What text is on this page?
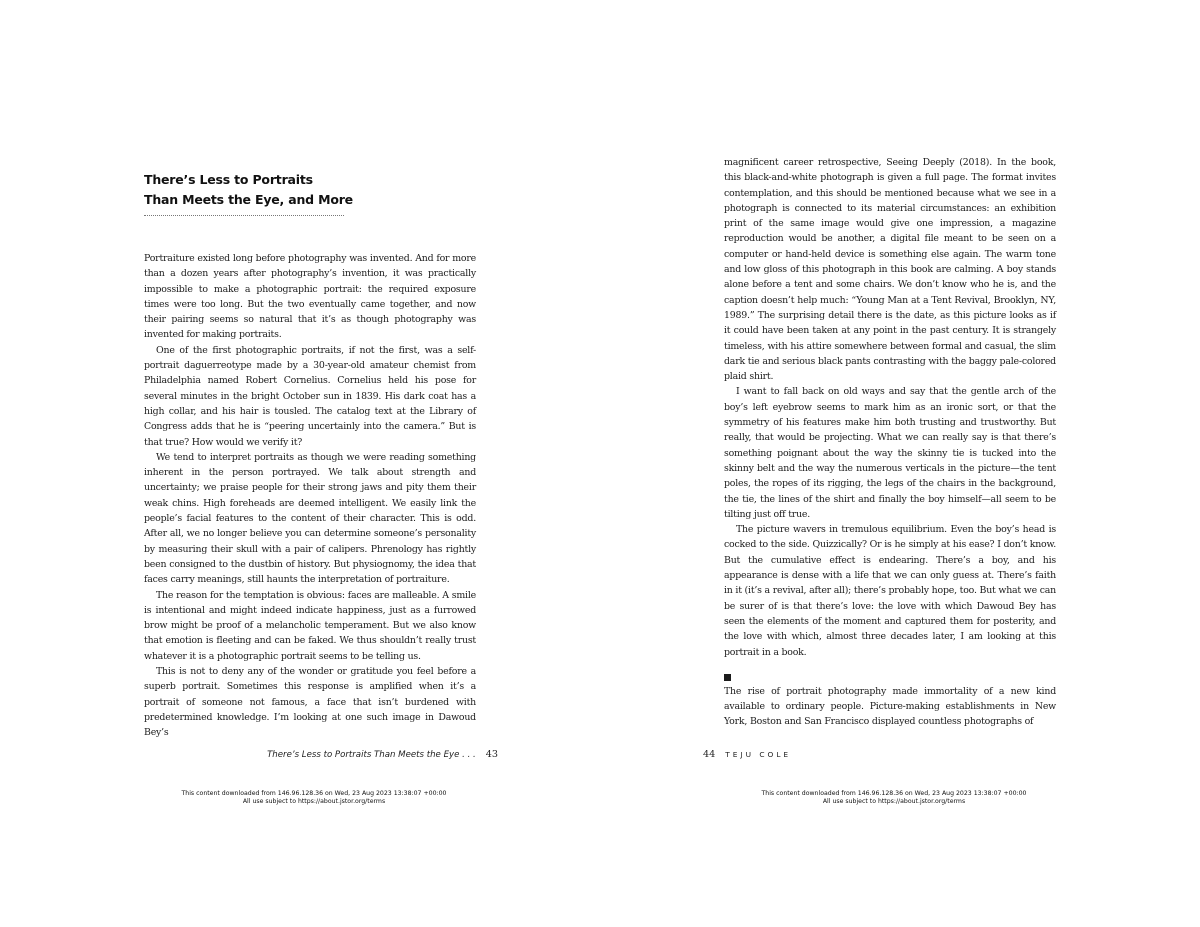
There’s Less to Portraits
Than Meets the Eye, and More

Portraiture existed long before photography was invented. And for more than a dozen years after photography’s invention, it was practically impossible to make a photographic portrait: the required exposure times were too long. But the two eventually came together, and now their pairing seems so natural that it’s as though photography was invented for making portraits.

One of the first photographic portraits, if not the first, was a self-portrait daguerreotype made by a 30-year-old amateur chemist from Philadelphia named Robert Cornelius. Cornelius held his pose for several minutes in the bright October sun in 1839. His dark coat has a high collar, and his hair is tousled. The catalog text at the Library of Congress adds that he is “peering uncertainly into the camera.” But is that true? How would we verify it?

We tend to interpret portraits as though we were reading something inherent in the person portrayed. We talk about strength and uncertainty; we praise people for their strong jaws and pity them their weak chins. High foreheads are deemed intelligent. We easily link the people’s facial features to the content of their character. This is odd. After all, we no longer believe you can determine someone’s personality by measuring their skull with a pair of calipers. Phrenology has rightly been consigned to the dustbin of history. But physiognomy, the idea that faces carry meanings, still haunts the interpretation of portraiture.

The reason for the temptation is obvious: faces are malleable. A smile is intentional and might indeed indicate happiness, just as a furrowed brow might be proof of a melancholic temperament. But we also know that emotion is fleeting and can be faked. We thus shouldn’t really trust whatever it is a photographic portrait seems to be telling us.

This is not to deny any of the wonder or gratitude you feel before a superb portrait. Sometimes this response is amplified when it’s a portrait of someone not famous, a face that isn’t burdened with predetermined knowledge. I’m looking at one such image in Dawoud Bey’s

There’s Less to Portraits Than Meets the Eye . . . 43
This content downloaded from 146.96.128.36 on Wed, 23 Aug 2023 13:38:07 +00:00
All use subject to https://about.jstor.org/terms

magnificent career retrospective, Seeing Deeply (2018). In the book, this black-and-white photograph is given a full page. The format invites contemplation, and this should be mentioned because what we see in a photograph is connected to its material circumstances: an exhibition print of the same image would give one impression, a magazine reproduction would be another, a digital file meant to be seen on a computer or hand-held device is something else again. The warm tone and low gloss of this photograph in this book are calming. A boy stands alone before a tent and some chairs. We don’t know who he is, and the caption doesn’t help much: “Young Man at a Tent Revival, Brooklyn, NY, 1989.” The surprising detail there is the date, as this picture looks as if it could have been taken at any point in the past century. It is strangely timeless, with his attire somewhere between formal and casual, the slim dark tie and serious black pants contrasting with the baggy pale-colored plaid shirt.

I want to fall back on old ways and say that the gentle arch of the boy’s left eyebrow seems to mark him as an ironic sort, or that the symmetry of his features make him both trusting and trustworthy. But really, that would be projecting. What we can really say is that there’s something poignant about the way the skinny tie is tucked into the skinny belt and the way the numerous verticals in the picture—the tent poles, the ropes of its rigging, the legs of the chairs in the background, the tie, the lines of the shirt and finally the boy himself—all seem to be tilting just off true.

The picture wavers in tremulous equilibrium. Even the boy’s head is cocked to the side. Quizzically? Or is he simply at his ease? I don’t know. But the cumulative effect is endearing. There’s a boy, and his appearance is dense with a life that we can only guess at. There’s faith in it (it’s a revival, after all); there’s probably hope, too. But what we can be surer of is that there’s love: the love with which Dawoud Bey has seen the elements of the moment and captured them for posterity, and the love with which, almost three decades later, I am looking at this portrait in a book.

The rise of portrait photography made immortality of a new kind available to ordinary people. Picture-making establishments in New York, Boston and San Francisco displayed countless photographs of

44 TEJU COLE
This content downloaded from 146.96.128.36 on Wed, 23 Aug 2023 13:38:07 +00:00
All use subject to https://about.jstor.org/terms
